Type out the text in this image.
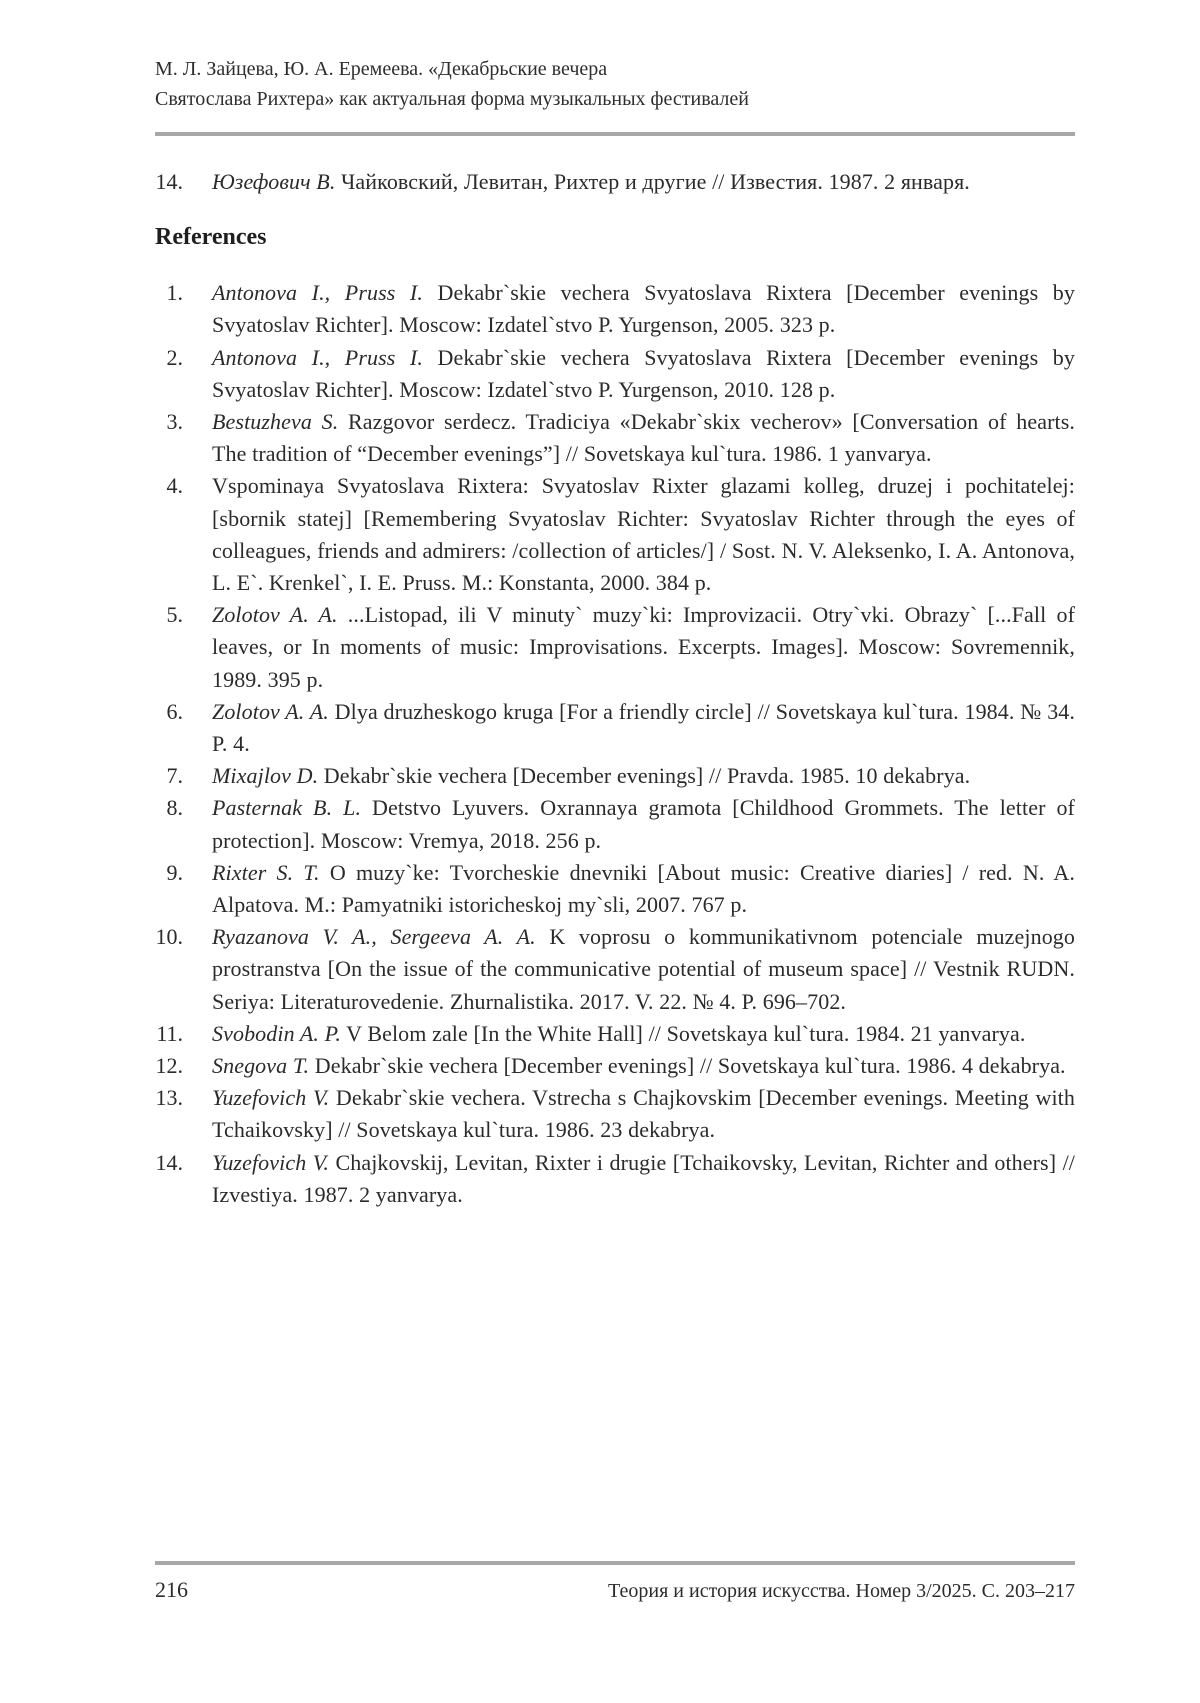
М. Л. Зайцева, Ю. А. Еремеева. «Декабрьские вечера
Святослава Рихтера» как актуальная форма музыкальных фестивалей
14. Юзефович В. Чайковский, Левитан, Рихтер и другие // Известия. 1987. 2 января.
References
1. Antonova I., Pruss I. Dekabr`skie vechera Svyatoslava Rixtera [December evenings by Svyatoslav Richter]. Moscow: Izdatel`stvo P. Yurgenson, 2005. 323 p.
2. Antonova I., Pruss I. Dekabr`skie vechera Svyatoslava Rixtera [December evenings by Svyatoslav Richter]. Moscow: Izdatel`stvo P. Yurgenson, 2010. 128 p.
3. Bestuzheva S. Razgovor serdecz. Tradiciya «Dekabr`skix vecherov» [Conversation of hearts. The tradition of “December evenings”] // Sovetskaya kul`tura. 1986. 1 yanvarya.
4. Vspominaya Svyatoslava Rixtera: Svyatoslav Rixter glazami kolleg, druzej i pochitatelej: [sbornik statej] [Remembering Svyatoslav Richter: Svyatoslav Richter through the eyes of colleagues, friends and admirers: /collection of articles/] / Sost. N. V. Aleksenko, I. A. Antonova, L. E`. Krenkel`, I. E. Pruss. M.: Konstanta, 2000. 384 p.
5. Zolotov A. A. ...Listopad, ili V minuty` muzy`ki: Improvizacii. Otry`vki. Obrazy` [...Fall of leaves, or In moments of music: Improvisations. Excerpts. Images]. Moscow: Sovremennik, 1989. 395 p.
6. Zolotov A. A. Dlya druzheskogo kruga [For a friendly circle] // Sovetskaya kul`tura. 1984. № 34. P. 4.
7. Mixajlov D. Dekabr`skie vechera [December evenings] // Pravda. 1985. 10 dekabrya.
8. Pasternak B. L. Detstvo Lyuvers. Oxrannaya gramota [Childhood Grommets. The letter of protection]. Moscow: Vremya, 2018. 256 p.
9. Rixter S. T. O muzy`ke: Tvorcheskie dnevniki [About music: Creative diaries] / red. N. A. Alpatova. M.: Pamyatniki istoricheskoj my`sli, 2007. 767 p.
10. Ryazanova V. A., Sergeeva A. A. K voprosu o kommunikativnom potenciale muzejnogo prostranstva [On the issue of the communicative potential of museum space] // Vestnik RUDN. Seriya: Literaturovedenie. Zhurnalistika. 2017. V. 22. № 4. P. 696–702.
11. Svobodin A. P. V Belom zale [In the White Hall] // Sovetskaya kul`tura. 1984. 21 yanvarya.
12. Snegova T. Dekabr`skie vechera [December evenings] // Sovetskaya kul`tura. 1986. 4 dekabrya.
13. Yuzefovich V. Dekabr`skie vechera. Vstrecha s Chajkovskim [December evenings. Meeting with Tchaikovsky] // Sovetskaya kul`tura. 1986. 23 dekabrya.
14. Yuzefovich V. Chajkovskij, Levitan, Rixter i drugie [Tchaikovsky, Levitan, Richter and others] // Izvestiya. 1987. 2 yanvarya.
216	Теория и история искусства. Номер 3/2025. С. 203–217
